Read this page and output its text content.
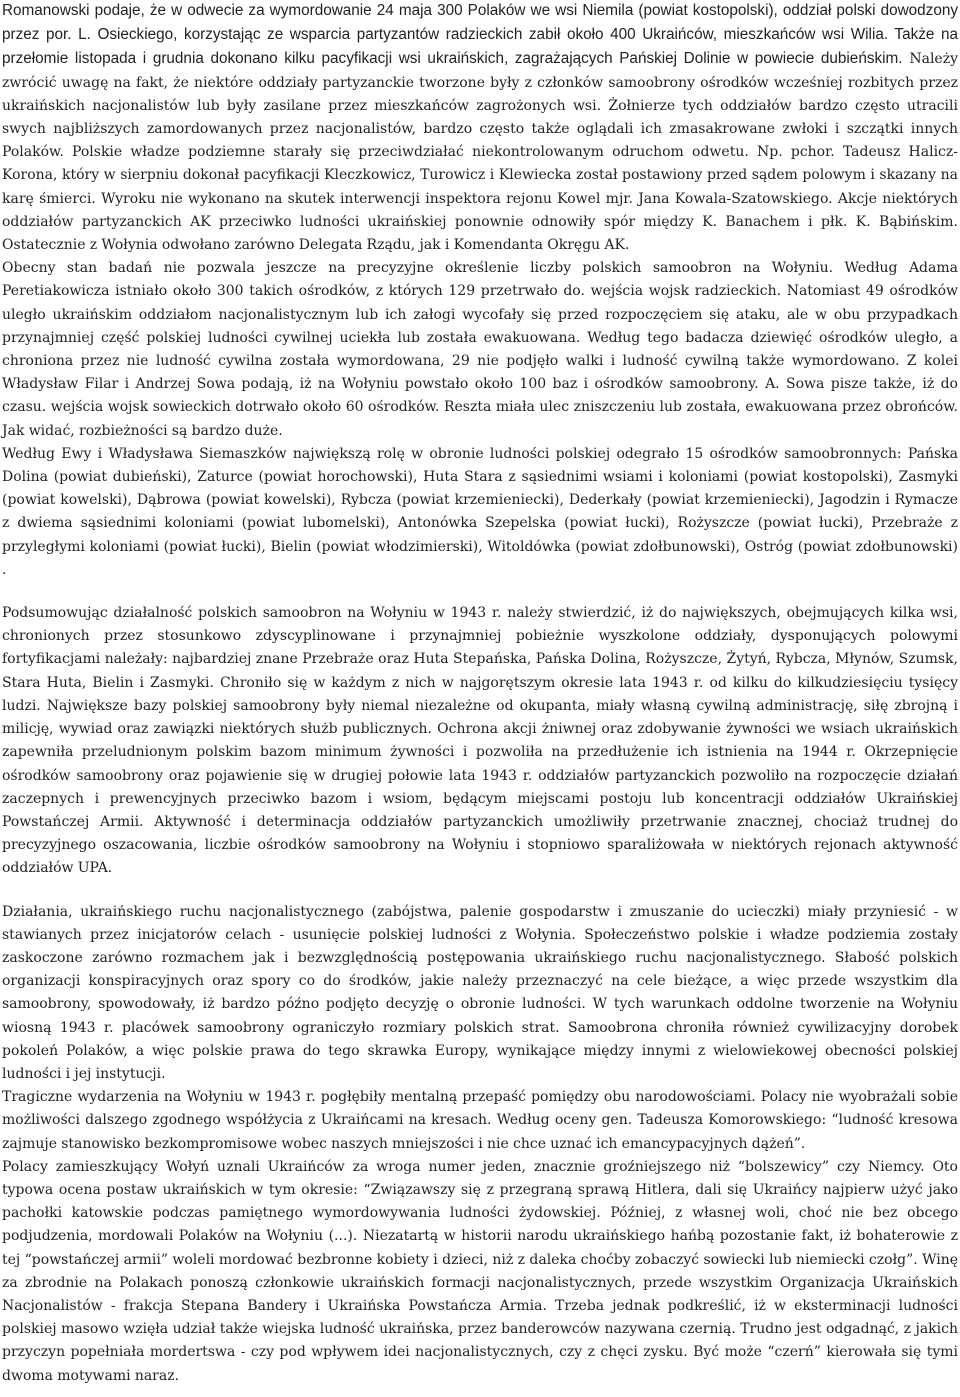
Romanowski podaje, że w odwecie za wymordowanie 24 maja 300 Polaków we wsi Niemila (powiat kostopolski), oddział polski dowodzony przez por. L. Osieckiego, korzystając ze wsparcia partyzantów radzieckich zabił około 400 Ukraińców, mieszkańców wsi Wilia. Także na przełomie listopada i grudnia dokonano kilku pacyfikacji wsi ukraińskich, zagrażających Pańskiej Dolinie w powiecie dubieńskim. Należy zwrócić uwagę na fakt, że niektóre oddziały partyzanckie tworzone były z członków samoobrony ośrodków wcześniej rozbitych przez ukraińskich nacjonalistów lub były zasilane przez mieszkańców zagrożonych wsi. Żołnierze tych oddziałów bardzo często utracili swych najbliższych zamordowanych przez nacjonalistów, bardzo często także oglądali ich zmasakrowane zwłoki i szczątki innych Polaków. Polskie władze podziemne starały się przeciwdziałać niekontrolowanym odruchom odwetu. Np. pchor. Tadeusz Halicz-Korona, który w sierpniu dokonał pacyfikacji Kleczkowicz, Turowicz i Klewiecka został postawiony przed sądem polowym i skazany na karę śmierci. Wyroku nie wykonano na skutek interwencji inspektora rejonu Kowel mjr. Jana Kowala-Szatowskiego. Akcje niektórych oddziałów partyzanckich AK przeciwko ludności ukraińskiej ponownie odnowiły spór między K. Banachem i płk. K. Bąbińskim. Ostatecznie z Wołynia odwołano zarówno Delegata Rządu, jak i Komendanta Okręgu AK.

Obecny stan badań nie pozwala jeszcze na precyzyjne określenie liczby polskich samoobron na Wołyniu. Według Adama Peretiakowicza istniało około 300 takich ośrodków, z których 129 przetrwało do. wejścia wojsk radzieckich. Natomiast 49 ośrodków uległo ukraińskim oddziałom nacjonalistycznym lub ich załogi wycofały się przed rozpoczęciem się ataku, ale w obu przypadkach przynajmniej część polskiej ludności cywilnej uciekła lub została ewakuowana. Według tego badacza dziewięć ośrodków uległo, a chroniona przez nie ludność cywilna została wymordowana, 29 nie podjęło walki i ludność cywilną także wymordowano. Z kolei Władysław Filar i Andrzej Sowa podają, iż na Wołyniu powstało około 100 baz i ośrodków samoobrony. A. Sowa pisze także, iż do czasu. wejścia wojsk sowieckich dotrwało około 60 ośrodków. Reszta miała ulec zniszczeniu lub została, ewakuowana przez obrońców. Jak widać, rozbieżności są bardzo duże.

Według Ewy i Władysława Siemaszków największą rolę w obronie ludności polskiej odegrało 15 ośrodków samoobronnych: Pańska Dolina (powiat dubieński), Zaturce (powiat horochowski), Huta Stara z sąsiednimi wsiami i koloniami (powiat kostopolski), Zasmyki (powiat kowelski), Dąbrowa (powiat kowelski), Rybcza (powiat krzemieniecki), Dederkały (powiat krzemieniecki), Jagodzin i Rymacze z dwiema sąsiednimi koloniami (powiat lubomelski), Antonówka Szepelska (powiat łucki), Rożyszcze (powiat łucki), Przebraże z przyległymi koloniami (powiat łucki), Bielin (powiat włodzimierski), Witoldówka (powiat zdołbunowski), Ostróg (powiat zdołbunowski) .

Podsumowując działalność polskich samoobron na Wołyniu w 1943 r. należy stwierdzić, iż do największych, obejmujących kilka wsi, chronionych przez stosunkowo zdyscyplinowane i przynajmniej pobieżnie wyszkolone oddziały, dysponujących polowymi fortyfikacjami należały: najbardziej znane Przebraże oraz Huta Stepańska, Pańska Dolina, Rożyszcze, Żytyń, Rybcza, Młynów, Szumsk, Stara Huta, Bielin i Zasmyki. Chroniło się w każdym z nich w najgorętszym okresie lata 1943 r. od kilku do kilkudziesięciu tysięcy ludzi. Największe bazy polskiej samoobrony były niemal niezależne od okupanta, miały własną cywilną administrację, siłę zbrojną i milicję, wywiad oraz zawiązki niektórych służb publicznych. Ochrona akcji żniwnej oraz zdobywanie żywności we wsiach ukraińskich zapewniła przeludnionym polskim bazom minimum żywności i pozwoliła na przedłużenie ich istnienia na 1944 r. Okrzepnięcie ośrodków samoobrony oraz pojawienie się w drugiej połowie lata 1943 r. oddziałów partyzanckich pozwoliło na rozpoczęcie działań zaczepnych i prewencyjnych przeciwko bazom i wsiom, będącym miejscami postoju lub koncentracji oddziałów Ukraińskiej Powstańczej Armii. Aktywność i determinacja oddziałów partyzanckich umożliwiły przetrwanie znacznej, chociaż trudnej do precyzyjnego oszacowania, liczbie ośrodków samoobrony na Wołyniu i stopniowo sparaliżowała w niektórych rejonach aktywność oddziałów UPA.

Działania, ukraińskiego ruchu nacjonalistycznego (zabójstwa, palenie gospodarstw i zmuszanie do ucieczki) miały przyniesić - w stawianych przez inicjatorów celach - usunięcie polskiej ludności z Wołynia. Społeczeństwo polskie i władze podziemia zostały zaskoczone zarówno rozmachem jak i bezwzględnością postępowania ukraińskiego ruchu nacjonalistycznego. Słabość polskich organizacji konspiracyjnych oraz spory co do środków, jakie należy przeznaczyć na cele bieżące, a więc przede wszystkim dla samoobrony, spowodowały, iż bardzo późno podjęto decyzję o obronie ludności. W tych warunkach oddolne tworzenie na Wołyniu wiosną 1943 r. placówek samoobrony ograniczyło rozmiary polskich strat. Samoobrona chroniła również cywilizacyjny dorobek pokoleń Polaków, a więc polskie prawa do tego skrawka Europy, wynikające między innymi z wielowiekowej obecności polskiej ludności i jej instytucji.

Tragiczne wydarzenia na Wołyniu w 1943 r. pogłębiły mentalną przepaść pomiędzy obu narodowościami. Polacy nie wyobrażali sobie możliwości dalszego zgodnego współżycia z Ukraińcami na kresach. Według oceny gen. Tadeusza Komorowskiego: “ludność kresowa zajmuje stanowisko bezkompromisowe wobec naszych mniejszości i nie chce uznać ich emancypacyjnych dążeń”.

Polacy zamieszkujący Wołyń uznali Ukraińców za wroga numer jeden, znacznie groźniejszego niż “bolszewicy” czy Niemcy. Oto typowa ocena postaw ukraińskich w tym okresie: “Związawszy się z przegraną sprawą Hitlera, dali się Ukraińcy najpierw użyć jako pachołki katowskie podczas pamiętnego wymordowywania ludności żydowskiej. Później, z własnej woli, choć nie bez obcego podjudzenia, mordowali Polaków na Wołyniu (...). Niezatartą w historii narodu ukraińskiego hańbą pozostanie fakt, iż bohaterowie z tej “powstańczej armii” woleli mordować bezbronne kobiety i dzieci, niż z daleka choćby zobaczyć sowiecki lub niemiecki czołg”. Winę za zbrodnie na Polakach ponoszą członkowie ukraińskich formacji nacjonalistycznych, przede wszystkim Organizacja Ukraińskich Nacjonalistów - frakcja Stepana Bandery i Ukraińska Powstańcza Armia. Trzeba jednak podkreślić, iż w eksterminacji ludności polskiej masowo wzięła udział także wiejska ludność ukraińska, przez banderowców nazywana czernią. Trudno jest odgadnąć, z jakich przyczyn popełniała mordertswa - czy pod wpływem idei nacjonalistycznych, czy z chęci zysku. Być może “czerń” kierowała się tymi dwoma motywami naraz.
